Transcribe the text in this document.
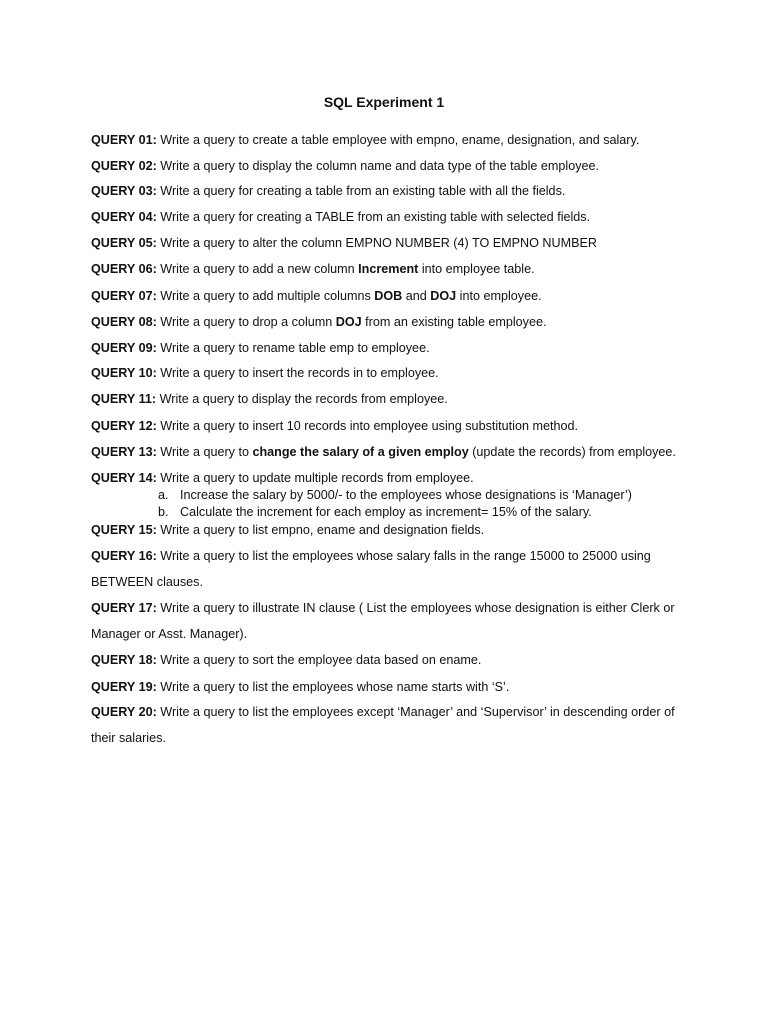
SQL Experiment 1
QUERY 01: Write a query to create a table employee with empno, ename, designation, and salary.
QUERY 02: Write a query to display the column name and data type of the table employee.
QUERY 03: Write a query for creating a table from an existing table with all the fields.
QUERY 04: Write a query for creating a TABLE from an existing table with selected fields.
QUERY 05: Write a query to alter the column EMPNO NUMBER (4) TO EMPNO NUMBER
QUERY 06: Write a query to add a new column Increment into employee table.
QUERY 07: Write a query to add multiple columns DOB and DOJ into employee.
QUERY 08: Write a query to drop a column DOJ from an existing table employee.
QUERY 09: Write a query to rename table emp to employee.
QUERY 10: Write a query to insert the records in to employee.
QUERY 11: Write a query to display the records from employee.
QUERY 12: Write a query to insert 10 records into employee using substitution method.
QUERY 13: Write a query to change the salary of a given employ (update the records) from employee.
QUERY 14: Write a query to update multiple records from employee.
a. Increase the salary by 5000/- to the employees whose designations is ‘Manager’)
b. Calculate the increment for each employ as increment= 15% of the salary.
QUERY 15: Write a query to list empno, ename and designation fields.
QUERY 16: Write a query to list the employees whose salary falls in the range 15000 to 25000 using BETWEEN clauses.
QUERY 17: Write a query to illustrate IN clause ( List the employees whose designation is either Clerk or Manager or Asst. Manager).
QUERY 18: Write a query to sort the employee data based on ename.
QUERY 19: Write a query to list the employees whose name starts with ‘S’.
QUERY 20: Write a query to list the employees except ‘Manager’ and ‘Supervisor’ in descending order of their salaries.
